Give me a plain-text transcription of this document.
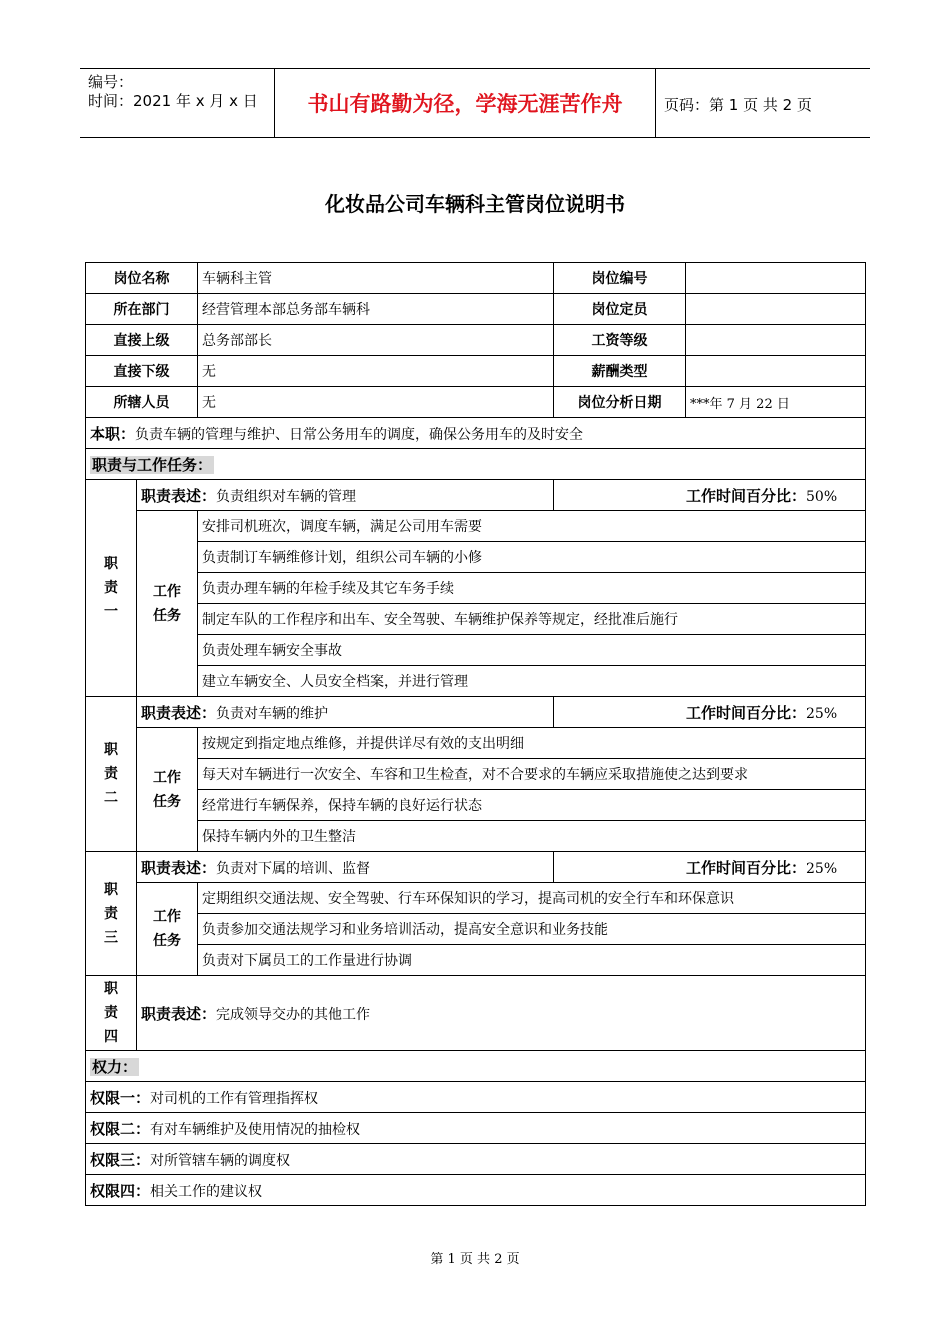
编号：
时间：2021 年 x 月 x 日	书山有路勤为径，学海无涯苦作舟	页码：第 1 页 共 2 页
化妆品公司车辆科主管岗位说明书
岗位名称		车辆科主管	岗位编号	
所在部门		经营管理本部总务部车辆科	岗位定员	
直接上级		总务部部长	工资等级	
直接下级		无	薪酬类型	
所辖人员		无	岗位分析日期	***年 7 月 22 日
本职：负责车辆的管理与维护、日常公务用车的调度，确保公务用车的及时安全				
职责与工作任务：				
职责一	职责表述：负责组织对车辆的管理		工作时间百分比：50%	
	工作任务	安排司机班次，调度车辆，满足公司用车需要		
		负责制订车辆维修计划，组织公司车辆的小修		
		负责办理车辆的年检手续及其它车务手续		
		制定车队的工作程序和出车、安全驾驶、车辆维护保养等规定，经批准后施行		
		负责处理车辆安全事故		
		建立车辆安全、人员安全档案，并进行管理		
职责二	职责表述：负责对车辆的维护		工作时间百分比：25%	
	工作任务	按规定到指定地点维修，并提供详尽有效的支出明细		
		每天对车辆进行一次安全、车容和卫生检查，对不合要求的车辆应采取措施使之达到要求		
		经常进行车辆保养，保持车辆的良好运行状态		
		保持车辆内外的卫生整洁		
职责三	职责表述：负责对下属的培训、监督		工作时间百分比：25%	
	工作任务	定期组织交通法规、安全驾驶、行车环保知识的学习，提高司机的安全行车和环保意识		
		负责参加交通法规学习和业务培训活动，提高安全意识和业务技能		
		负责对下属员工的工作量进行协调		
职责四	职责表述：完成领导交办的其他工作			
权力：				
权限一：对司机的工作有管理指挥权				
权限二：有对车辆维护及使用情况的抽检权				
权限三：对所管辖车辆的调度权				
权限四：相关工作的建议权				
第 1 页 共 2 页
